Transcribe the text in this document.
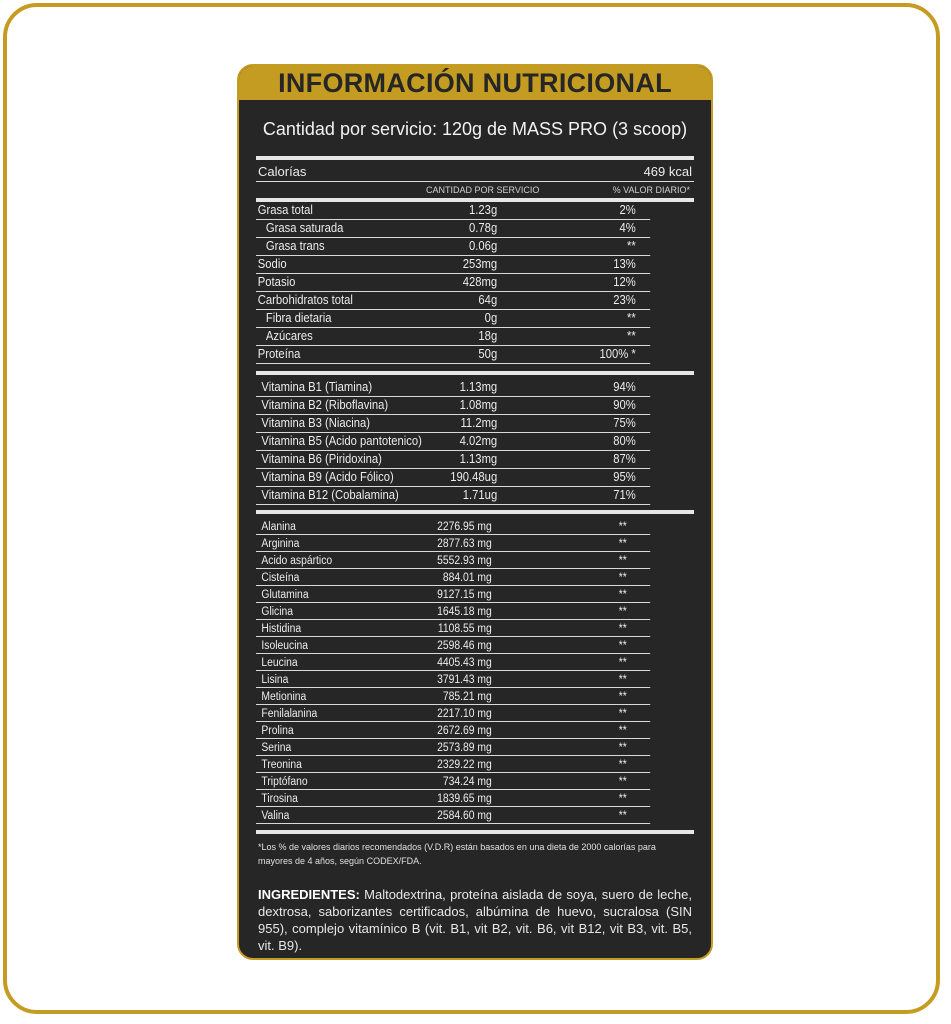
INFORMACIÓN NUTRICIONAL
Cantidad por servicio: 120g de MASS PRO (3 scoop)
Calorías	469 kcal
CANTIDAD POR SERVICIO	% VALOR DIARIO*
Grasa total	1.23g	2%
Grasa saturada	0.78g	4%
Grasa trans	0.06g	**
Sodio	253mg	13%
Potasio	428mg	12%
Carbohidratos total	64g	23%
Fibra dietaria	0g	**
Azúcares	18g	**
Proteína	50g	100% *
Vitamina B1 (Tiamina)	1.13mg	94%
Vitamina B2 (Riboflavina)	1.08mg	90%
Vitamina B3 (Niacina)	11.2mg	75%
Vitamina B5 (Acido pantotenico)	4.02mg	80%
Vitamina B6 (Piridoxina)	1.13mg	87%
Vitamina B9 (Acido Fólico)	190.48ug	95%
Vitamina B12 (Cobalamina)	1.71ug	71%
Alanina	2276.95 mg	**
Arginina	2877.63 mg	**
Acido aspártico	5552.93 mg	**
Cisteína	884.01 mg	**
Glutamina	9127.15 mg	**
Glicina	1645.18 mg	**
Histidina	1108.55 mg	**
Isoleucina	2598.46 mg	**
Leucina	4405.43 mg	**
Lisina	3791.43 mg	**
Metionina	785.21 mg	**
Fenilalanina	2217.10 mg	**
Prolina	2672.69 mg	**
Serina	2573.89 mg	**
Treonina	2329.22 mg	**
Triptófano	734.24 mg	**
Tirosina	1839.65 mg	**
Valina	2584.60 mg	**
*Los % de valores diarios recomendados (V.D.R) están basados en una dieta de 2000 calorías para mayores de 4 años, según CODEX/FDA.
INGREDIENTES: Maltodextrina, proteína aislada de soya, suero de leche, dextrosa, saborizantes certificados, albúmina de huevo, sucralosa (SIN 955), complejo vitamínico B (vit. B1, vit B2, vit. B6, vit B12, vit B3, vit. B5, vit. B9).
